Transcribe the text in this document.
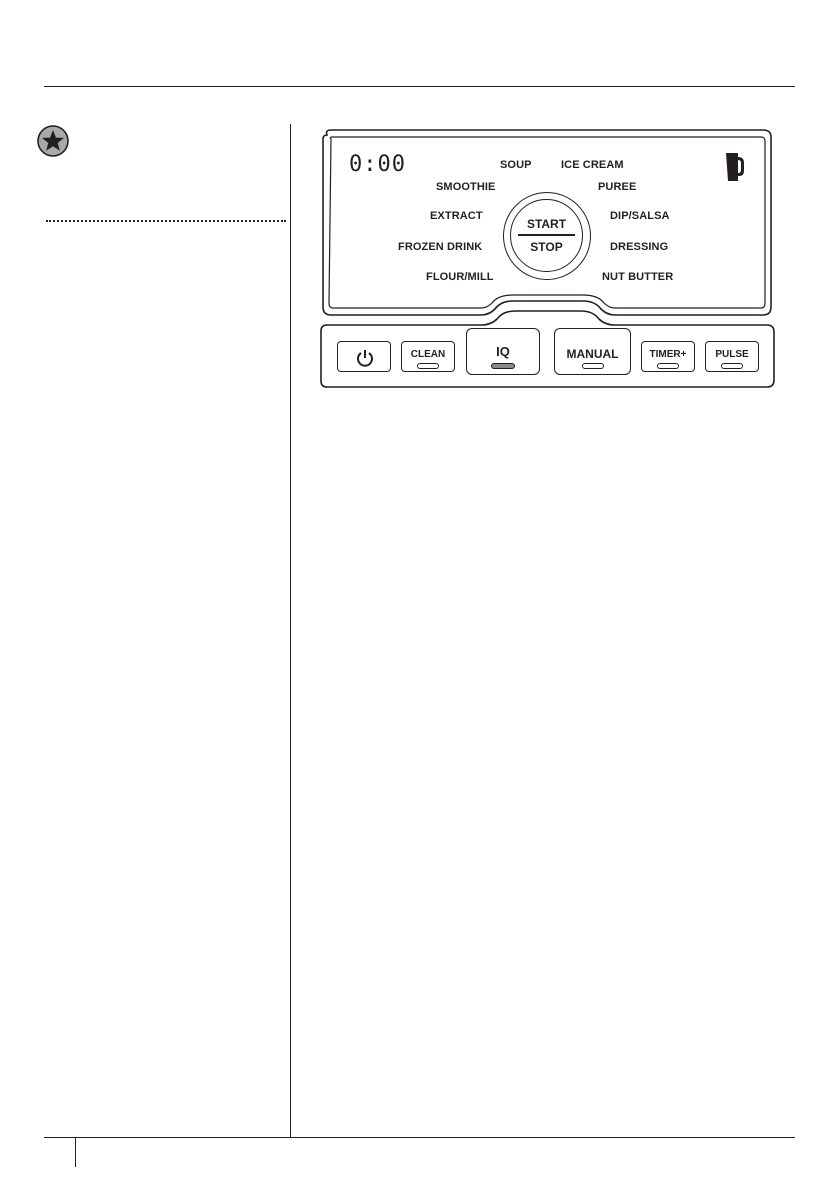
0:00	SOUP	ICE CREAM
SMOOTHIE
EXTRACT
FROZEN DRINK
FLOUR/MILL
PUREE
DIP/SALSA
DRESSING
NUT BUTTER
START
STOP
CLEAN	IQ	MANUAL	TIMER+	PULSE
